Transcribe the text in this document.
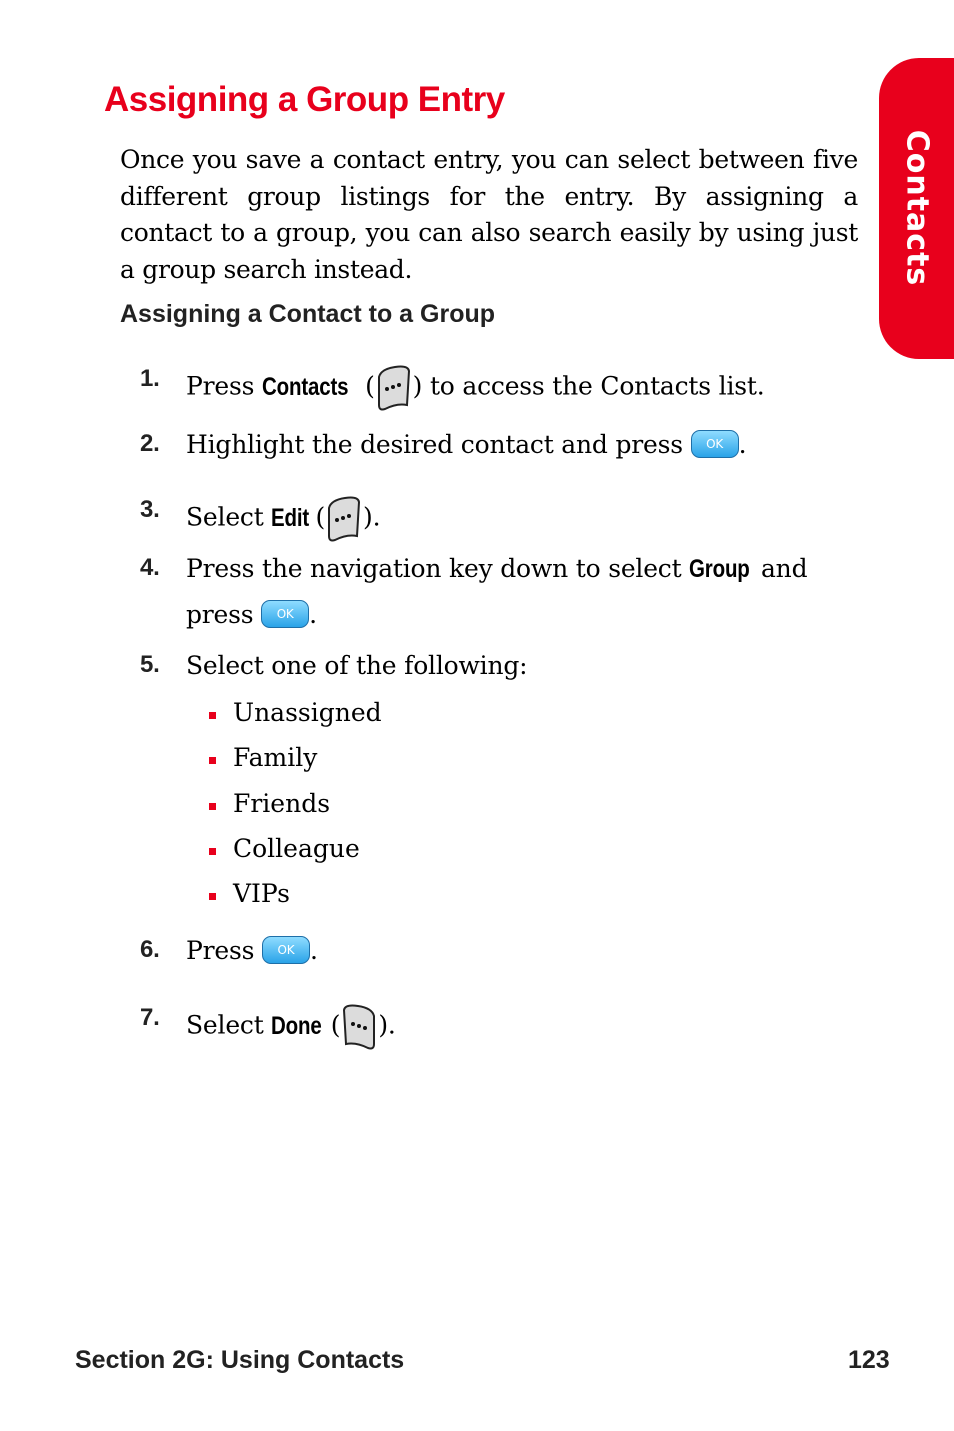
Contacts
Assigning a Group Entry

Once you save a contact entry, you can select between five different group listings for the entry. By assigning a contact to a group, you can also search easily by using just a group search instead.

Assigning a Contact to a Group
1. Press Contacts ( ) to access the Contacts list.
2. Highlight the desired contact and press OK .
3. Select Edit ( ).
4. Press the navigation key down to select Group and
press OK .
5. Select one of the following:
Unassigned
Family
Friends
Colleague
VIPs
6. Press OK .
7. Select Done ( ).
Section 2G: Using Contacts	123
